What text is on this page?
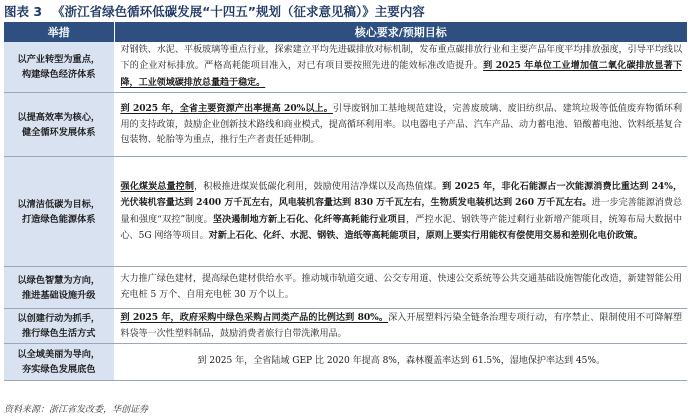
图表 3 《浙江省绿色循环低碳发展“十四五”规划（征求意见稿）》主要内容
举措	核心要求/预期目标

以产业转型为重点，
构建绿色经济体系	对钢铁、水泥、平板玻璃等重点行业，探索建立平均先进碳排放对标机制，发布重点碳排放行业和主要产品年度平均排放强度，引导平均线以下的企业对标排放。严格高耗能项目准入，对已有项目要按照先进的能效标准改造提升。到 2025 年单位工业增加值二氧化碳排放显著下降，工业领域碳排放总量趋于稳定。

以提高效率为核心，
健全循环发展体系	到 2025 年，全省主要资源产出率提高 20%以上。引导废钢加工基地规范建设，完善废玻璃、废旧纺织品、建筑垃圾等低值废弃物循环利用的支持政策，鼓励企业创新技术路线和商业模式，提高循环利用率。以电器电子产品、汽车产品、动力蓄电池、铅酸蓄电池、饮料纸基复合包装物、轮胎等为重点，推行生产者责任延伸制。

以清洁低碳为目标，
打造绿色能源体系	强化煤炭总量控制，积极推进煤炭低碳化利用，鼓励使用洁净煤以及高热值煤。到 2025 年，非化石能源占一次能源消费比重达到 24%，光伏装机容量达到 2400 万千瓦左右，风电装机容量达到 830 万千瓦左右，生物质发电装机达到 260 万千瓦左右。进一步完善能源消费总量和强度“双控”制度。坚决遏制地方新上石化、化纤等高耗能行业项目，严控水泥、钢铁等产能过剩行业新增产能项目，统筹布局大数据中心、5G 网络等项目。对新上石化、化纤、水泥、钢铁、造纸等高耗能项目，原则上要实行用能权有偿使用交易和差别化电价政策。

以绿色智慧为方向，
推进基础设施升级	大力推广绿色建材，提高绿色建材供给水平。推动城市轨道交通、公交专用道、快速公交系统等公共交通基础设施智能化改造，新建智能公用充电桩 5 万个、自用充电桩 30 万个以上。

以创建行动为抓手，
推行绿色生活方式	到 2025 年，政府采购中绿色采购占同类产品的比例达到 80%。深入开展塑料污染全链条治理专项行动，有序禁止、限制使用不可降解塑料袋等一次性塑料制品，鼓励消费者旅行自带洗漱用品。

以全域美丽为导向，
夯实绿色发展底色	到 2025 年，全省陆域 GEP 比 2020 年提高 8%，森林覆盖率达到 61.5%，湿地保护率达到 45%。
资料来源：浙江省发改委，华创证券
